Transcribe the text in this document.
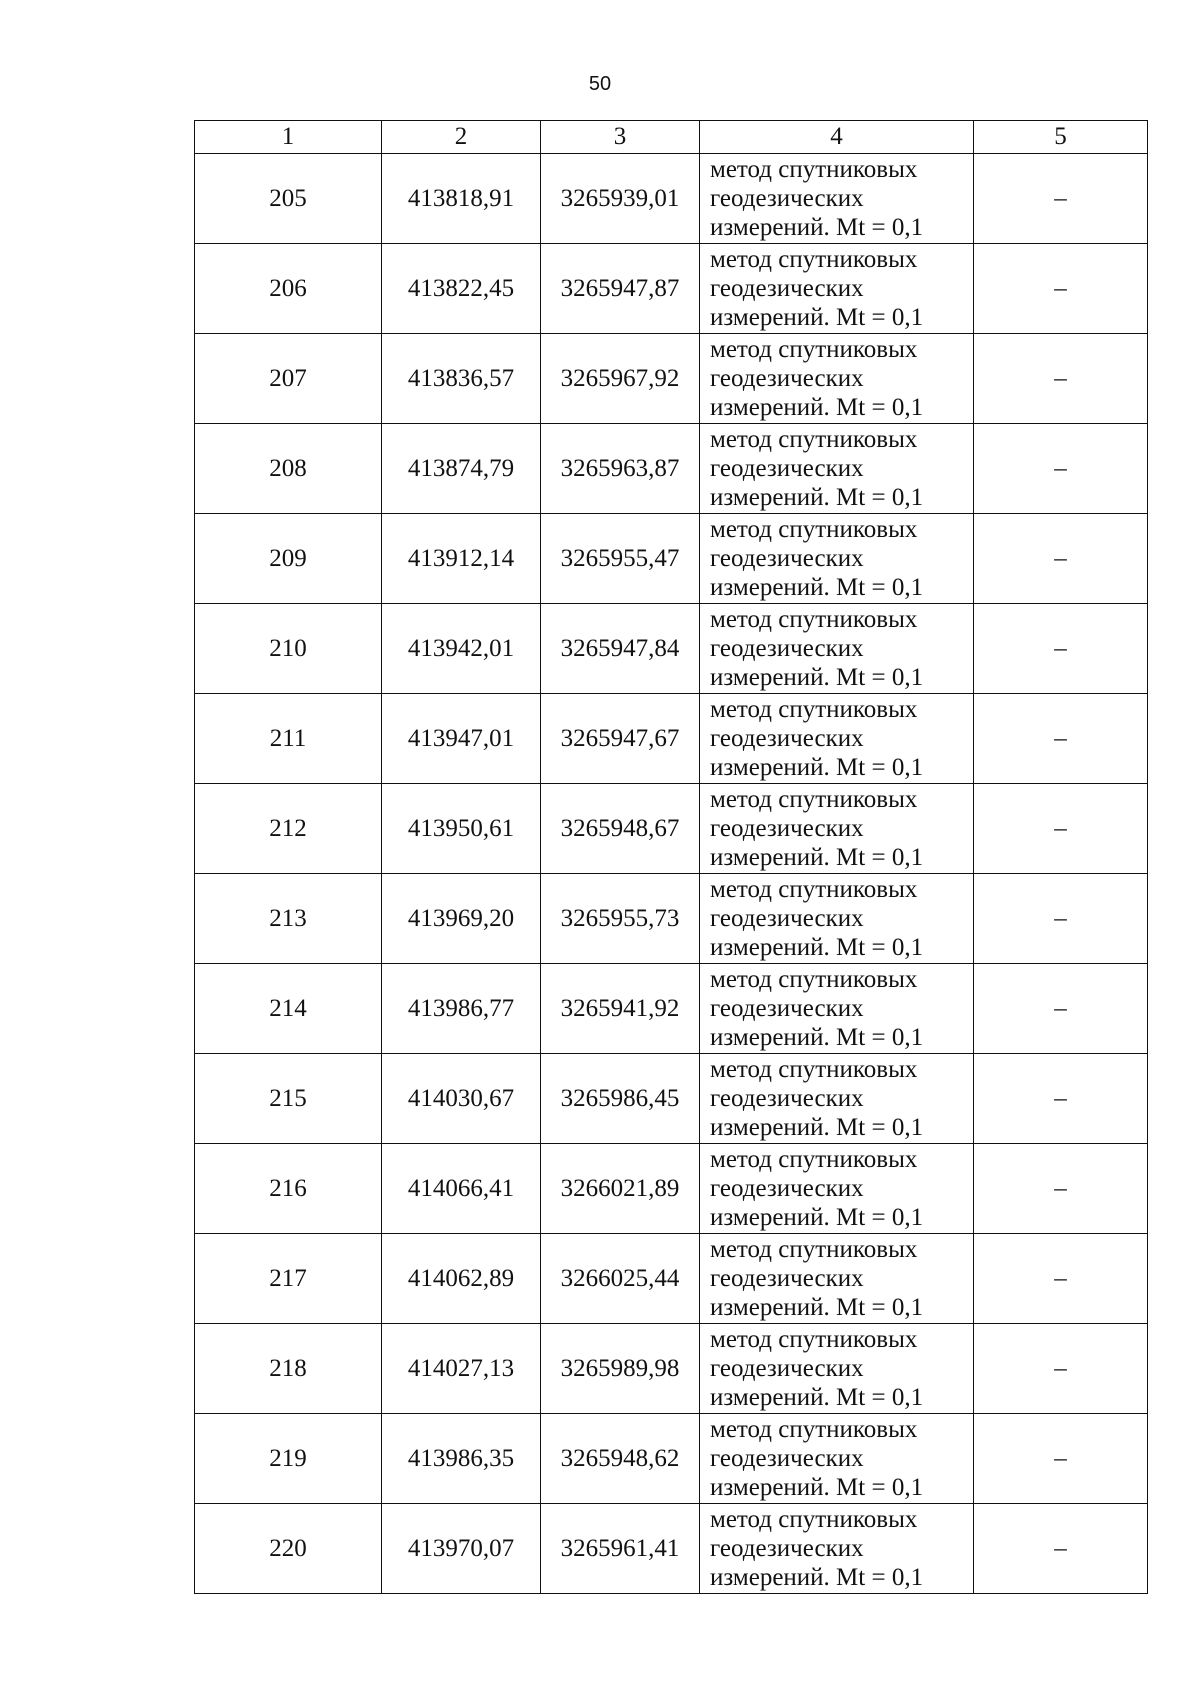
50
1	2	3	4	5
205	413818,91	3265939,01	метод спутниковых
геодезических
измерений. Mt = 0,1	–
206	413822,45	3265947,87	метод спутниковых
геодезических
измерений. Mt = 0,1	–
207	413836,57	3265967,92	метод спутниковых
геодезических
измерений. Mt = 0,1	–
208	413874,79	3265963,87	метод спутниковых
геодезических
измерений. Mt = 0,1	–
209	413912,14	3265955,47	метод спутниковых
геодезических
измерений. Mt = 0,1	–
210	413942,01	3265947,84	метод спутниковых
геодезических
измерений. Mt = 0,1	–
211	413947,01	3265947,67	метод спутниковых
геодезических
измерений. Mt = 0,1	–
212	413950,61	3265948,67	метод спутниковых
геодезических
измерений. Mt = 0,1	–
213	413969,20	3265955,73	метод спутниковых
геодезических
измерений. Mt = 0,1	–
214	413986,77	3265941,92	метод спутниковых
геодезических
измерений. Mt = 0,1	–
215	414030,67	3265986,45	метод спутниковых
геодезических
измерений. Mt = 0,1	–
216	414066,41	3266021,89	метод спутниковых
геодезических
измерений. Mt = 0,1	–
217	414062,89	3266025,44	метод спутниковых
геодезических
измерений. Mt = 0,1	–
218	414027,13	3265989,98	метод спутниковых
геодезических
измерений. Mt = 0,1	–
219	413986,35	3265948,62	метод спутниковых
геодезических
измерений. Mt = 0,1	–
220	413970,07	3265961,41	метод спутниковых
геодезических
измерений. Mt = 0,1	–
